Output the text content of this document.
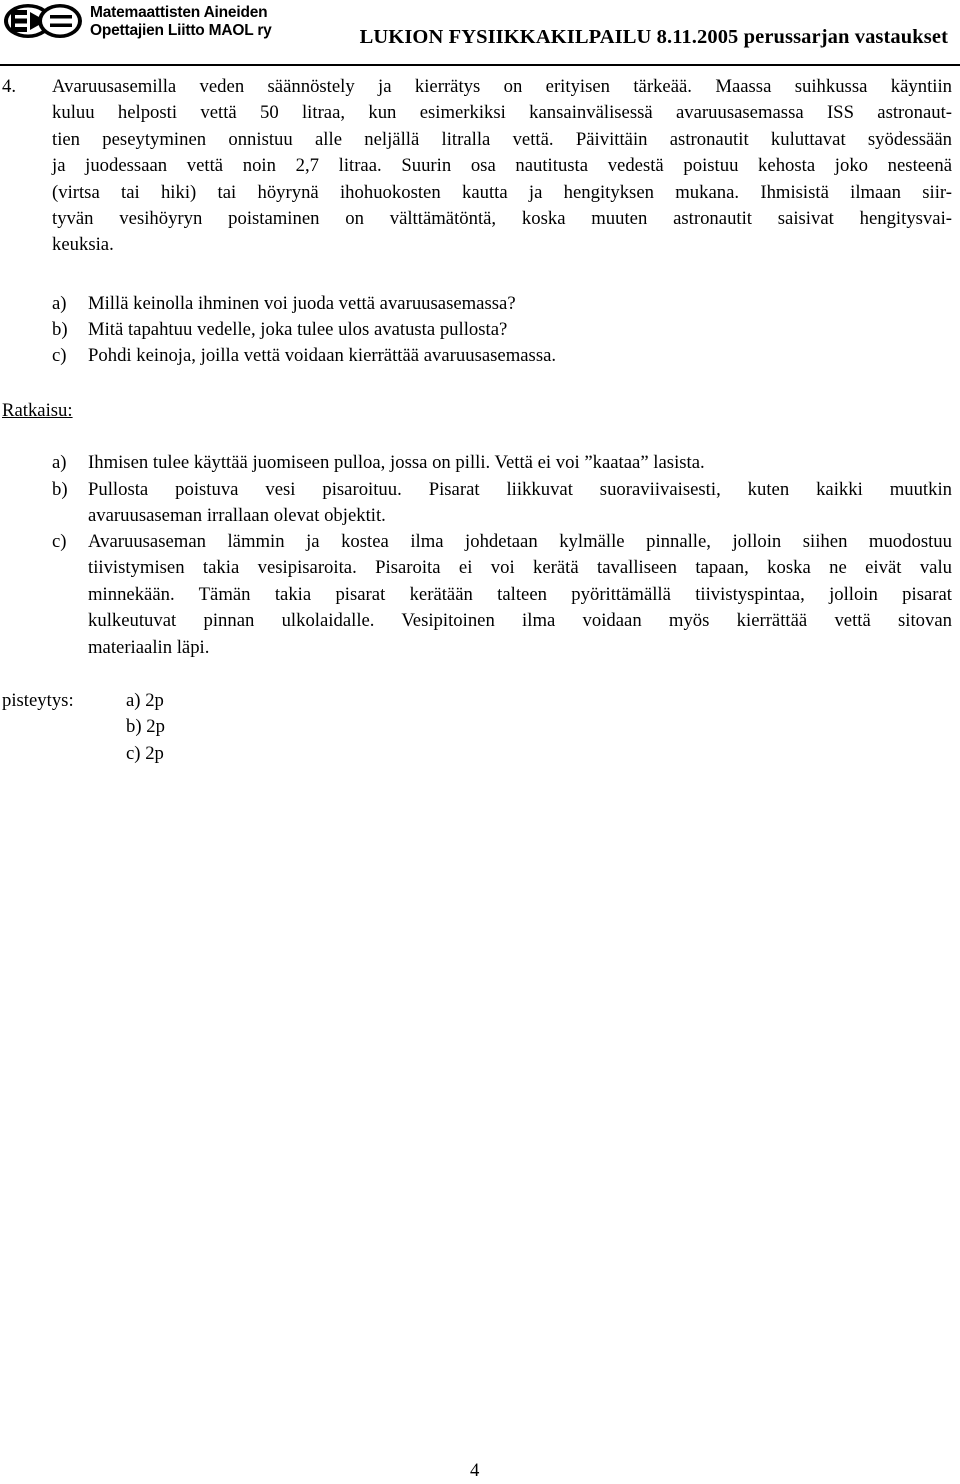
Matemaattisten Aineiden
Opettajien Liitto MAOL ry	LUKION FYSIIKKAKILPAILU 8.11.2005 perussarjan vastaukset
4. Avaruusasemilla veden säännöstely ja kierrätys on erityisen tärkeää. Maassa suihkussa käyntiin
kuluu helposti vettä 50 litraa, kun esimerkiksi kansainvälisessä avaruusasemassa ISS astronaut-
tien peseytyminen onnistuu alle neljällä litralla vettä. Päivittäin astronautit kuluttavat syödessään
ja juodessaan vettä noin 2,7 litraa. Suurin osa nautitusta vedestä poistuu kehosta joko nesteenä
(virtsa tai hiki) tai höyrynä ihohuokosten kautta ja hengityksen mukana. Ihmisistä ilmaan siir-
tyvän vesihöyryn poistaminen on välttämätöntä, koska muuten astronautit saisivat hengitysvai-
keuksia.
a) Millä keinolla ihminen voi juoda vettä avaruusasemassa?
b) Mitä tapahtuu vedelle, joka tulee ulos avatusta pullosta?
c) Pohdi keinoja, joilla vettä voidaan kierrättää avaruusasemassa.
Ratkaisu:
a) Ihmisen tulee käyttää juomiseen pulloa, jossa on pilli. Vettä ei voi ”kaataa” lasista.
b) Pullosta poistuva vesi pisaroituu. Pisarat liikkuvat suoraviivaisesti, kuten kaikki muutkin
avaruusaseman irrallaan olevat objektit.
c) Avaruusaseman lämmin ja kostea ilma johdetaan kylmälle pinnalle, jolloin siihen muodostuu
tiivistymisen takia vesipisaroita. Pisaroita ei voi kerätä tavalliseen tapaan, koska ne eivät valu
minnekään. Tämän takia pisarat kerätään talteen pyörittämällä tiivistyspintaa, jolloin pisarat
kulkeutuvat pinnan ulkolaidalle. Vesipitoinen ilma voidaan myös kierrättää vettä sitovan
materiaalin läpi.
pisteytys:	a) 2p
b) 2p
c) 2p
4
